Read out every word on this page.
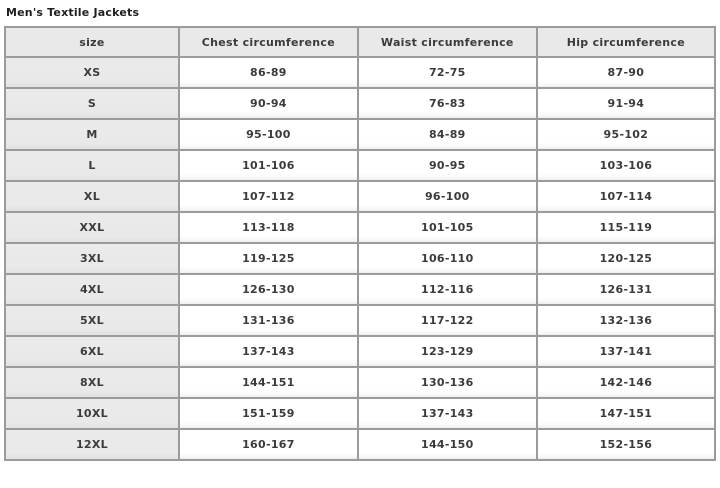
Men's Textile Jackets
size	Chest circumference	Waist circumference	Hip circumference
XS	86-89	72-75	87-90
S	90-94	76-83	91-94
M	95-100	84-89	95-102
L	101-106	90-95	103-106
XL	107-112	96-100	107-114
XXL	113-118	101-105	115-119
3XL	119-125	106-110	120-125
4XL	126-130	112-116	126-131
5XL	131-136	117-122	132-136
6XL	137-143	123-129	137-141
8XL	144-151	130-136	142-146
10XL	151-159	137-143	147-151
12XL	160-167	144-150	152-156
